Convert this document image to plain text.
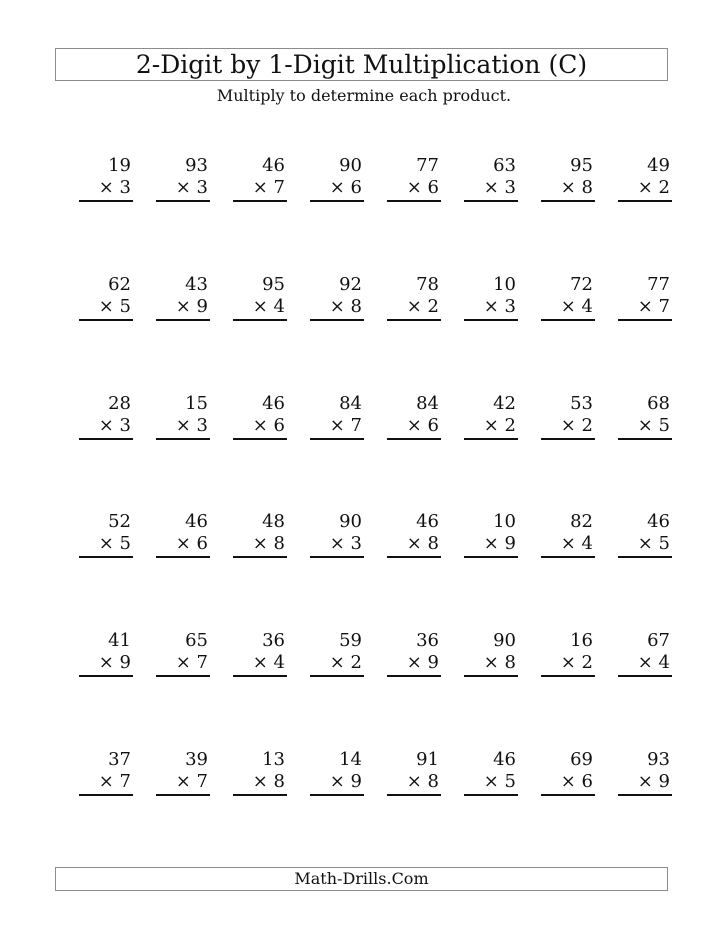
2-Digit by 1-Digit Multiplication (C)
Multiply to determine each product.
19
× 3
93
× 3
46
× 7
90
× 6
77
× 6
63
× 3
95
× 8
49
× 2
62
× 5
43
× 9
95
× 4
92
× 8
78
× 2
10
× 3
72
× 4
77
× 7
28
× 3
15
× 3
46
× 6
84
× 7
84
× 6
42
× 2
53
× 2
68
× 5
52
× 5
46
× 6
48
× 8
90
× 3
46
× 8
10
× 9
82
× 4
46
× 5
41
× 9
65
× 7
36
× 4
59
× 2
36
× 9
90
× 8
16
× 2
67
× 4
37
× 7
39
× 7
13
× 8
14
× 9
91
× 8
46
× 5
69
× 6
93
× 9
Math-Drills.Com
